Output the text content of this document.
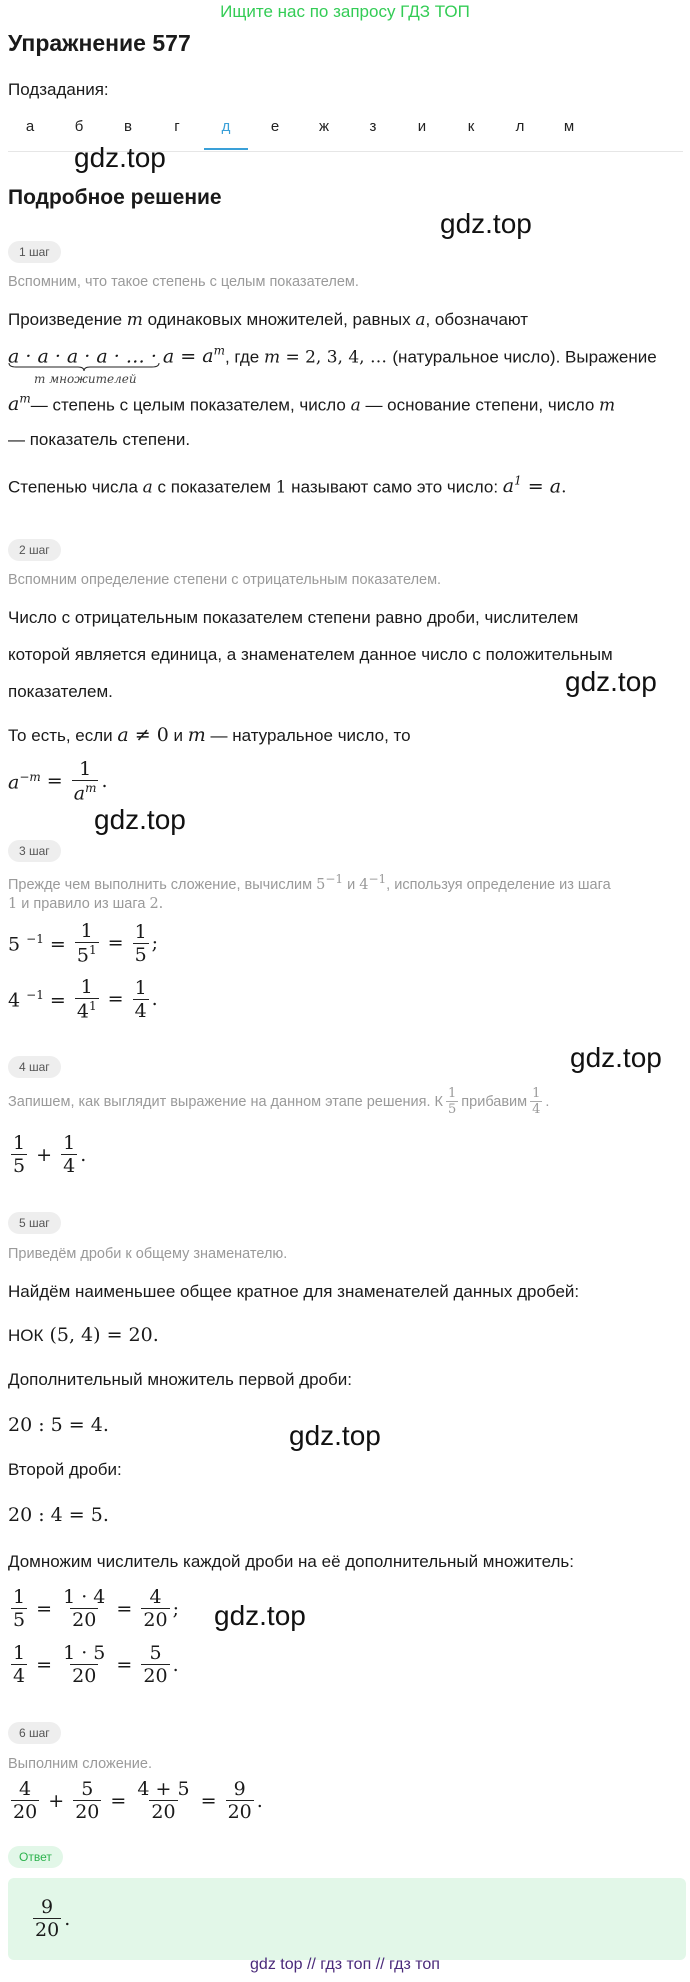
Ищите нас по запросу ГДЗ ТОП
Упражнение 577
Подзадания:
а	б	в	г	д	е	ж	з	и	к	л	м
gdz.top
gdz.top
gdz.top
gdz.top
gdz.top
gdz.top
gdz.top
Подробное решение
1 шаг
Вспомним, что такое степень с целым показателем.
Произведение m одинаковых множителей, равных a, обозначают
a · a · a · a · … · $a = a^m$, где m = 2, 3, 4, … (натуральное число). Выражение
m множителей
$a^m—$ степень с целым показателем, число a — основание степени, число m
— показатель степени.
Степенью числа a с показателем 1 называют само это число: $a^1 = a$.
2 шаг
Вспомним определение степени с отрицательным показателем.
Число с отрицательным показателем степени равно дроби, числителем
которой является единица, а знаменателем данное число с положительным
показателем.
То есть, если a ≠ 0 и m — натуральное число, то
$a^{-m} = \frac{1}{a^m}$ .
3 шаг
Прежде чем выполнить сложение, вычислим $5^{-1}$ и $4^{-1}$, используя определение из шага
1 и правило из шага 2.
5 $^{-1} = \frac{1}{5^1} = \frac{1}{5}$ ;
4 $^{-1} = \frac{1}{4^1} = \frac{1}{4}$ .
4 шаг
Запишем, как выглядит выражение на данном этапе решения. К $\frac{1}{5}$ прибавим $\frac{1}{4}$ .
$\frac{1}{5} + \frac{1}{4}$ .
5 шаг
Приведём дроби к общему знаменателю.
Найдём наименьшее общее кратное для знаменателей данных дробей:
НОК (5, 4) = 20.
Дополнительный множитель первой дроби:
20 : 5 = 4.
Второй дроби:
20 : 4 = 5.
Домножим числитель каждой дроби на её дополнительный множитель:
$\frac{1}{5} = \frac{1 \cdot 4}{20} = \frac{4}{20}$ ;
$\frac{1}{4} = \frac{1 \cdot 5}{20} = \frac{5}{20}$ .
6 шаг
Выполним сложение.
$\frac{4}{20} + \frac{5}{20} = \frac{4 + 5}{20} = \frac{9}{20}$ .
Ответ
$\frac{9}{20}$ .
gdz top // гдз топ // гдз топ
